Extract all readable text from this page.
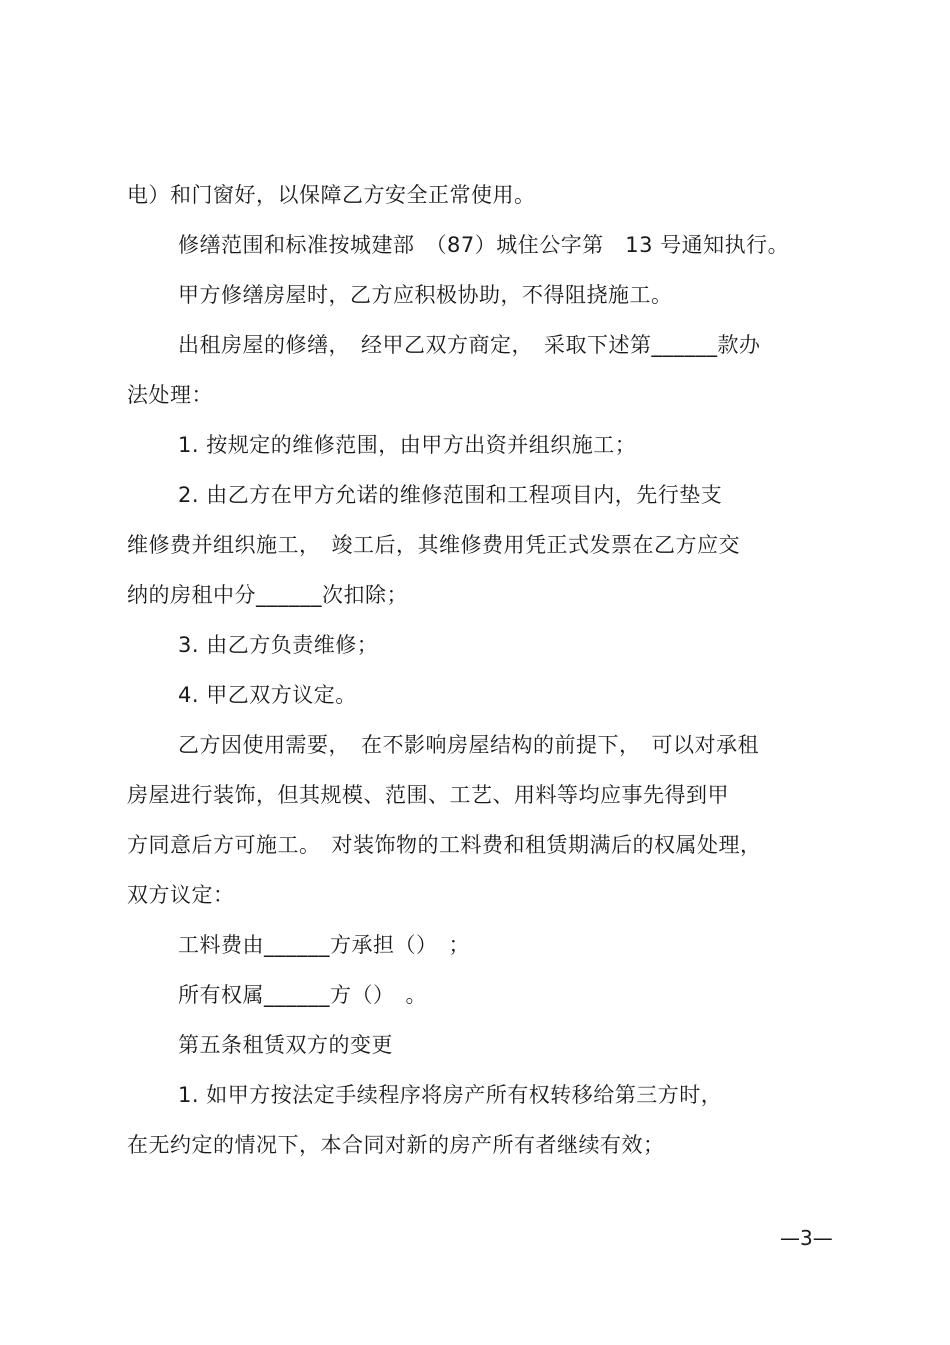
电）和门窗好，以保障乙方安全正常使用。
修缮范围和标准按城建部　（87）城住公字第　13 号通知执行。
甲方修缮房屋时，乙方应积极协助，不得阻挠施工。
出租房屋的修缮，　经甲乙双方商定，　采取下述第______款办
法处理：
1. 按规定的维修范围，由甲方出资并组织施工；
2. 由乙方在甲方允诺的维修范围和工程项目内，先行垫支
维修费并组织施工，　竣工后，其维修费用凭正式发票在乙方应交
纳的房租中分______次扣除；
3. 由乙方负责维修；
4. 甲乙双方议定。
乙方因使用需要，　在不影响房屋结构的前提下，　可以对承租
房屋进行装饰，但其规模、范围、工艺、用料等均应事先得到甲
方同意后方可施工。　对装饰物的工料费和租赁期满后的权属处理，
双方议定：
工料费由______方承担（）　；
所有权属______方（）　。
第五条租赁双方的变更
1. 如甲方按法定手续程序将房产所有权转移给第三方时，
在无约定的情况下，本合同对新的房产所有者继续有效；
—3—
